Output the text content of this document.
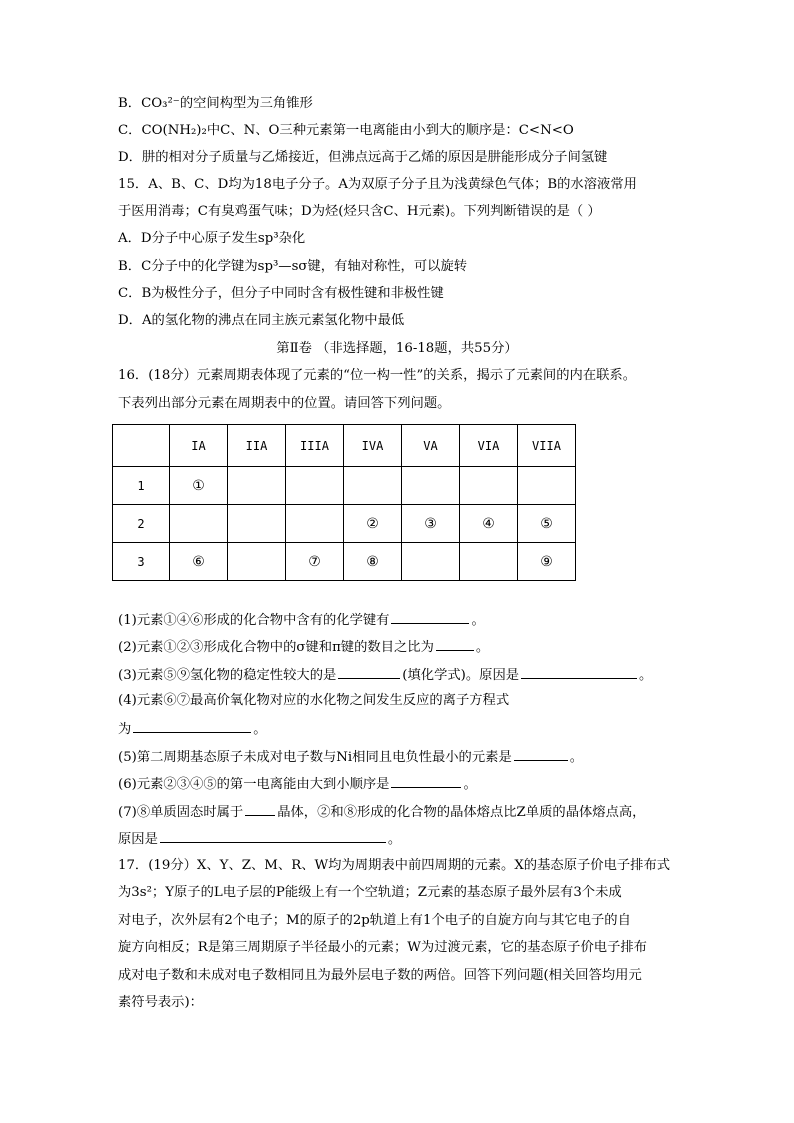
B．CO₃²⁻的空间构型为三角锥形
C．CO(NH₂)₂中C、N、O三种元素第一电离能由小到大的顺序是：C<N<O
D．肼的相对分子质量与乙烯接近，但沸点远高于乙烯的原因是肼能形成分子间氢键
15．A、B、C、D均为18电子分子。A为双原子分子且为浅黄绿色气体；B的水溶液常用
于医用消毒；C有臭鸡蛋气味；D为烃(烃只含C、H元素)。下列判断错误的是（ ）
A．D分子中心原子发生sp³杂化
B．C分子中的化学键为sp³—sσ键，有轴对称性，可以旋转
C．B为极性分子，但分子中同时含有极性键和非极性键
D．A的氢化物的沸点在同主族元素氢化物中最低
第Ⅱ卷 （非选择题，16-18题，共55分）
16．(18分）元素周期表体现了元素的“位一构一性”的关系，揭示了元素间的内在联系。
下表列出部分元素在周期表中的位置。请回答下列问题。
	IA	IIA	IIIA	IVA	VA	VIA	VIIA
1	①						
2				②	③	④	⑤
3	⑥		⑦	⑧			⑨
(1)元素①④⑥形成的化合物中含有的化学键有	。
(2)元素①②③形成化合物中的σ键和π键的数目之比为	。
(3)元素⑤⑨氢化物的稳定性较大的是	(填化学式)。原因是	。
(4)元素⑥⑦最高价氧化物对应的水化物之间发生反应的离子方程式
为	。
(5)第二周期基态原子未成对电子数与Ni相同且电负性最小的元素是	。
(6)元素②③④⑤的第一电离能由大到小顺序是	。
(7)⑧单质固态时属于	晶体，②和⑧形成的化合物的晶体熔点比Z单质的晶体熔点高，
原因是	。
17．(19分）X、Y、Z、M、R、W均为周期表中前四周期的元素。X的基态原子价电子排布式
为3s²；Y原子的L电子层的P能级上有一个空轨道；Z元素的基态原子最外层有3个未成
对电子，次外层有2个电子；M的原子的2p轨道上有1个电子的自旋方向与其它电子的自
旋方向相反；R是第三周期原子半径最小的元素；W为过渡元素，它的基态原子价电子排布
成对电子数和未成对电子数相同且为最外层电子数的两倍。回答下列问题(相关回答均用元
素符号表示)：
